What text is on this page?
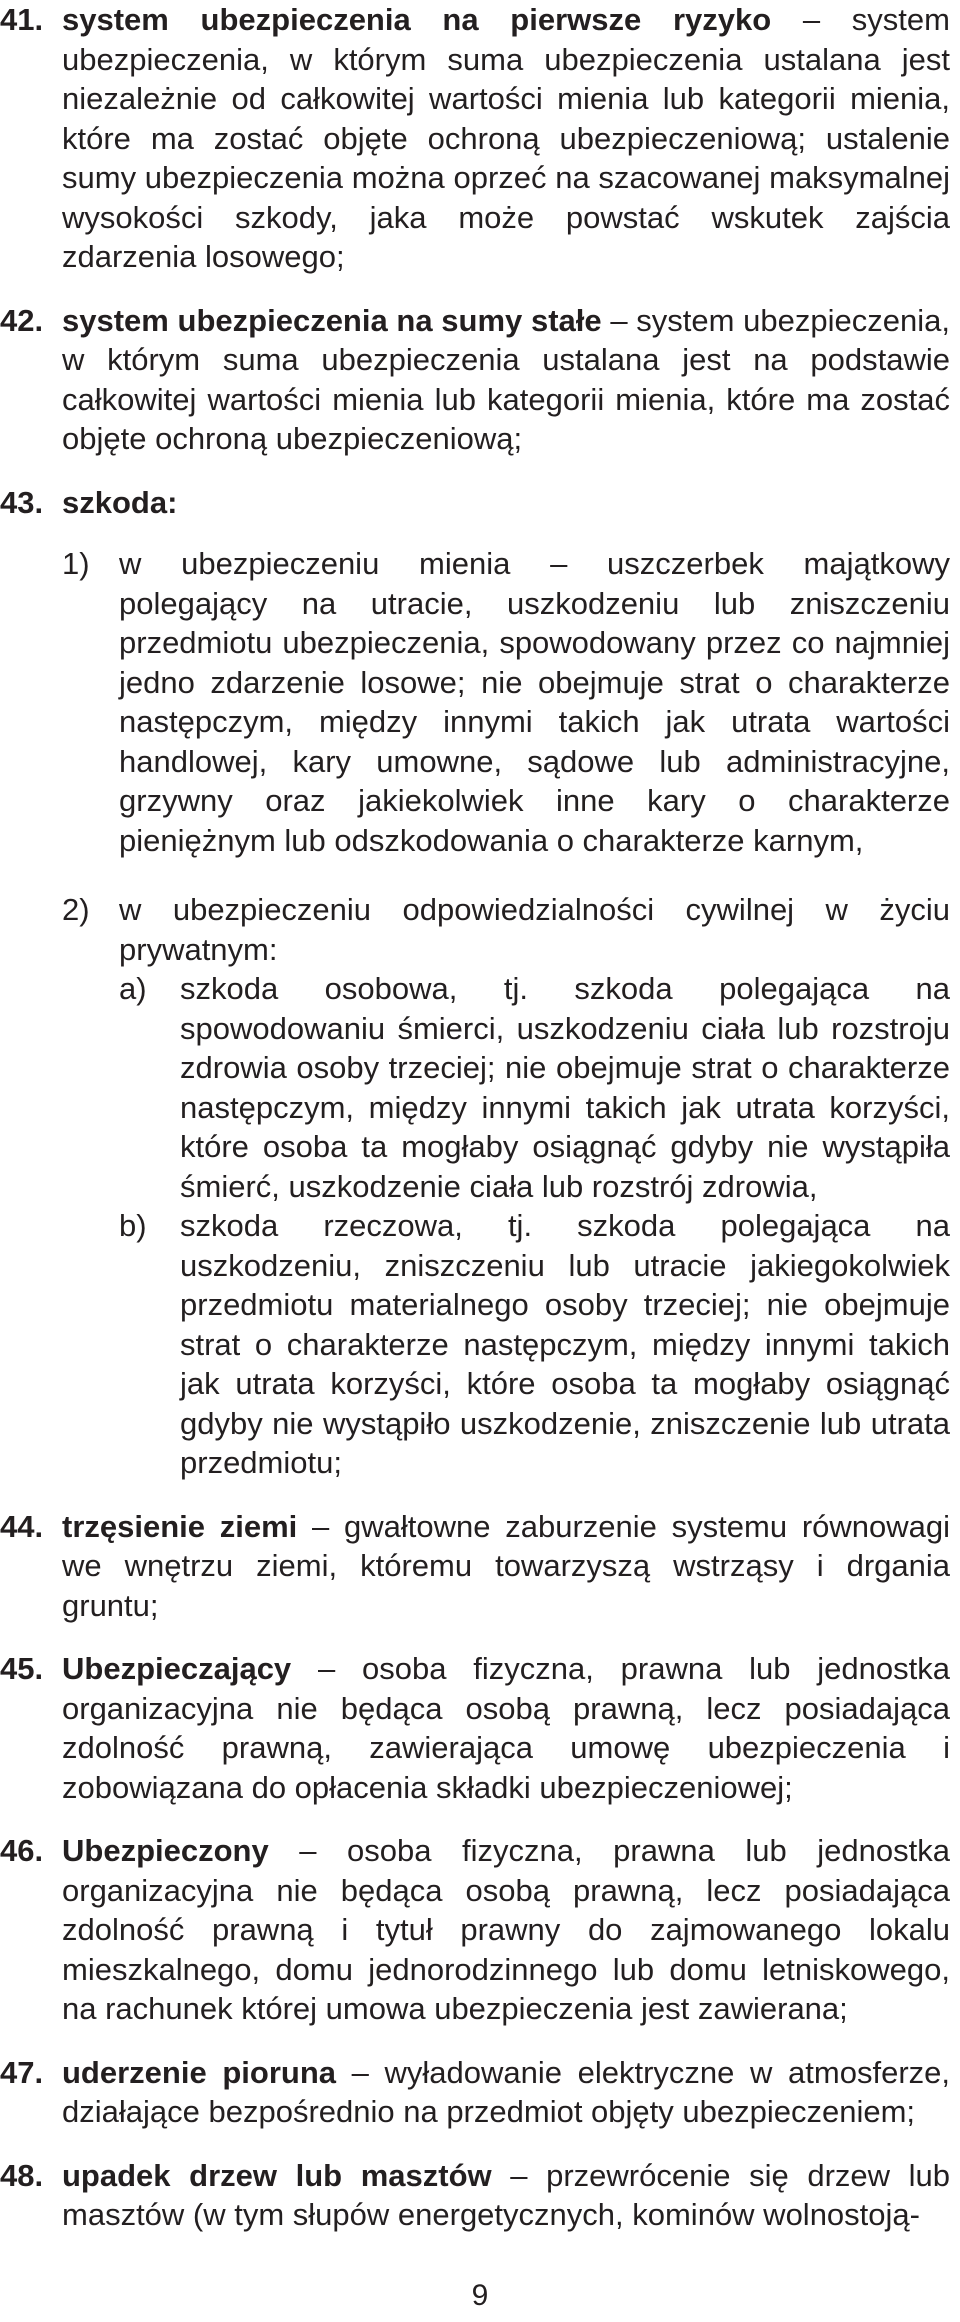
41. system ubezpieczenia na pierwsze ryzyko – system ubezpieczenia, w którym suma ubezpieczenia ustalana jest niezależnie od całkowitej wartości mienia lub kategorii mienia, które ma zostać objęte ochroną ubezpieczeniową; ustalenie sumy ubezpieczenia można oprzeć na szacowanej maksymalnej wysokości szkody, jaka może powstać wskutek zajścia zdarzenia losowego;
42. system ubezpieczenia na sumy stałe – system ubezpieczenia, w którym suma ubezpieczenia ustalana jest na podstawie całkowitej wartości mienia lub kategorii mienia, które ma zostać objęte ochroną ubezpieczeniową;
43. szkoda:
1) w ubezpieczeniu mienia – uszczerbek majątkowy polegający na utracie, uszkodzeniu lub zniszczeniu przedmiotu ubezpieczenia, spowodowany przez co najmniej jedno zdarzenie losowe; nie obejmuje strat o charakterze następczym, między innymi takich jak utrata wartości handlowej, kary umowne, sądowe lub administracyjne, grzywny oraz jakiekolwiek inne kary o charakterze pieniężnym lub odszkodowania o charakterze karnym,
2) w ubezpieczeniu odpowiedzialności cywilnej w życiu prywatnym:
a) szkoda osobowa, tj. szkoda polegająca na spowodowaniu śmierci, uszkodzeniu ciała lub rozstroju zdrowia osoby trzeciej; nie obejmuje strat o charakterze następczym, między innymi takich jak utrata korzyści, które osoba ta mogłaby osiągnąć gdyby nie wystąpiła śmierć, uszkodzenie ciała lub rozstrój zdrowia,
b) szkoda rzeczowa, tj. szkoda polegająca na uszkodzeniu, zniszczeniu lub utracie jakiegokolwiek przedmiotu materialnego osoby trzeciej; nie obejmuje strat o charakterze następczym, między innymi takich jak utrata korzyści, które osoba ta mogłaby osiągnąć gdyby nie wystąpiło uszkodzenie, zniszczenie lub utrata przedmiotu;
44. trzęsienie ziemi – gwałtowne zaburzenie systemu równowagi we wnętrzu ziemi, któremu towarzyszą wstrząsy i drgania gruntu;
45. Ubezpieczający – osoba fizyczna, prawna lub jednostka organizacyjna nie będąca osobą prawną, lecz posiadająca zdolność prawną, zawierająca umowę ubezpieczenia i zobowiązana do opłacenia składki ubezpieczeniowej;
46. Ubezpieczony – osoba fizyczna, prawna lub jednostka organizacyjna nie będąca osobą prawną, lecz posiadająca zdolność prawną i tytuł prawny do zajmowanego lokalu mieszkalnego, domu jednorodzinnego lub domu letniskowego, na rachunek której umowa ubezpieczenia jest zawierana;
47. uderzenie pioruna – wyładowanie elektryczne w atmosferze, działające bezpośrednio na przedmiot objęty ubezpieczeniem;
48. upadek drzew lub masztów – przewrócenie się drzew lub masztów (w tym słupów energetycznych, kominów wolnostoją-
9
